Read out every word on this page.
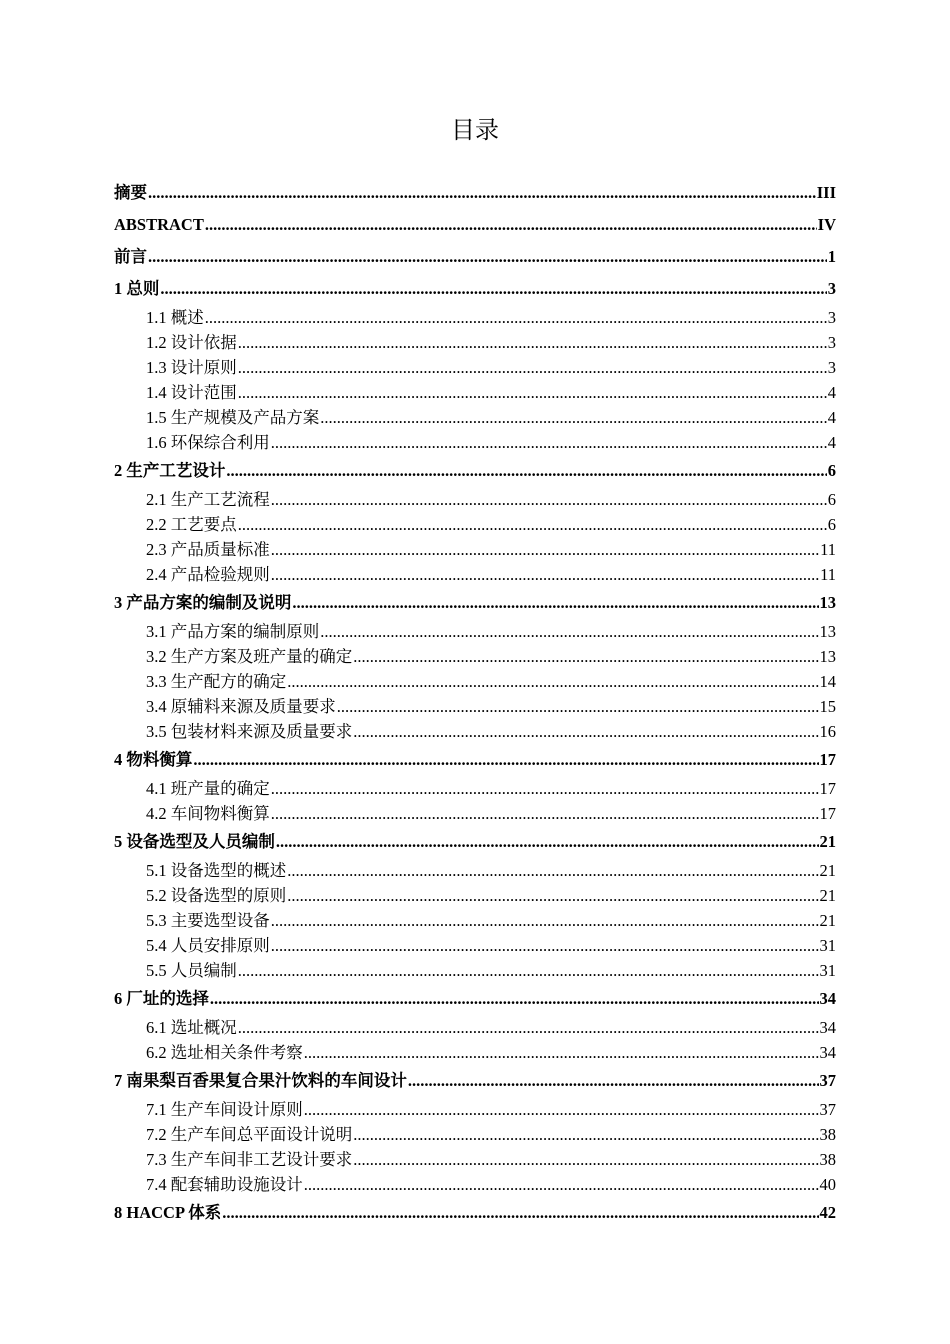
目录
摘要 .....	III
ABSTRACT .....	IV
前言 .....	1
1 总则 .....	3
1.1 概述 .....	3
1.2 设计依据 .....	3
1.3 设计原则 .....	3
1.4 设计范围 .....	4
1.5 生产规模及产品方案 .....	4
1.6 环保综合利用 .....	4
2 生产工艺设计 .....	6
2.1 生产工艺流程 .....	6
2.2 工艺要点 .....	6
2.3 产品质量标准 .....	11
2.4 产品检验规则 .....	11
3 产品方案的编制及说明 .....	13
3.1 产品方案的编制原则 .....	13
3.2 生产方案及班产量的确定 .....	13
3.3 生产配方的确定 .....	14
3.4 原辅料来源及质量要求 .....	15
3.5 包装材料来源及质量要求 .....	16
4 物料衡算 .....	17
4.1 班产量的确定 .....	17
4.2 车间物料衡算 .....	17
5 设备选型及人员编制 .....	21
5.1 设备选型的概述 .....	21
5.2 设备选型的原则 .....	21
5.3 主要选型设备 .....	21
5.4 人员安排原则 .....	31
5.5 人员编制 .....	31
6 厂址的选择 .....	34
6.1 选址概况 .....	34
6.2 选址相关条件考察 .....	34
7 南果梨百香果复合果汁饮料的车间设计 .....	37
7.1 生产车间设计原则 .....	37
7.2 生产车间总平面设计说明 .....	38
7.3 生产车间非工艺设计要求 .....	38
7.4 配套辅助设施设计 .....	40
8 HACCP 体系 .....	42
